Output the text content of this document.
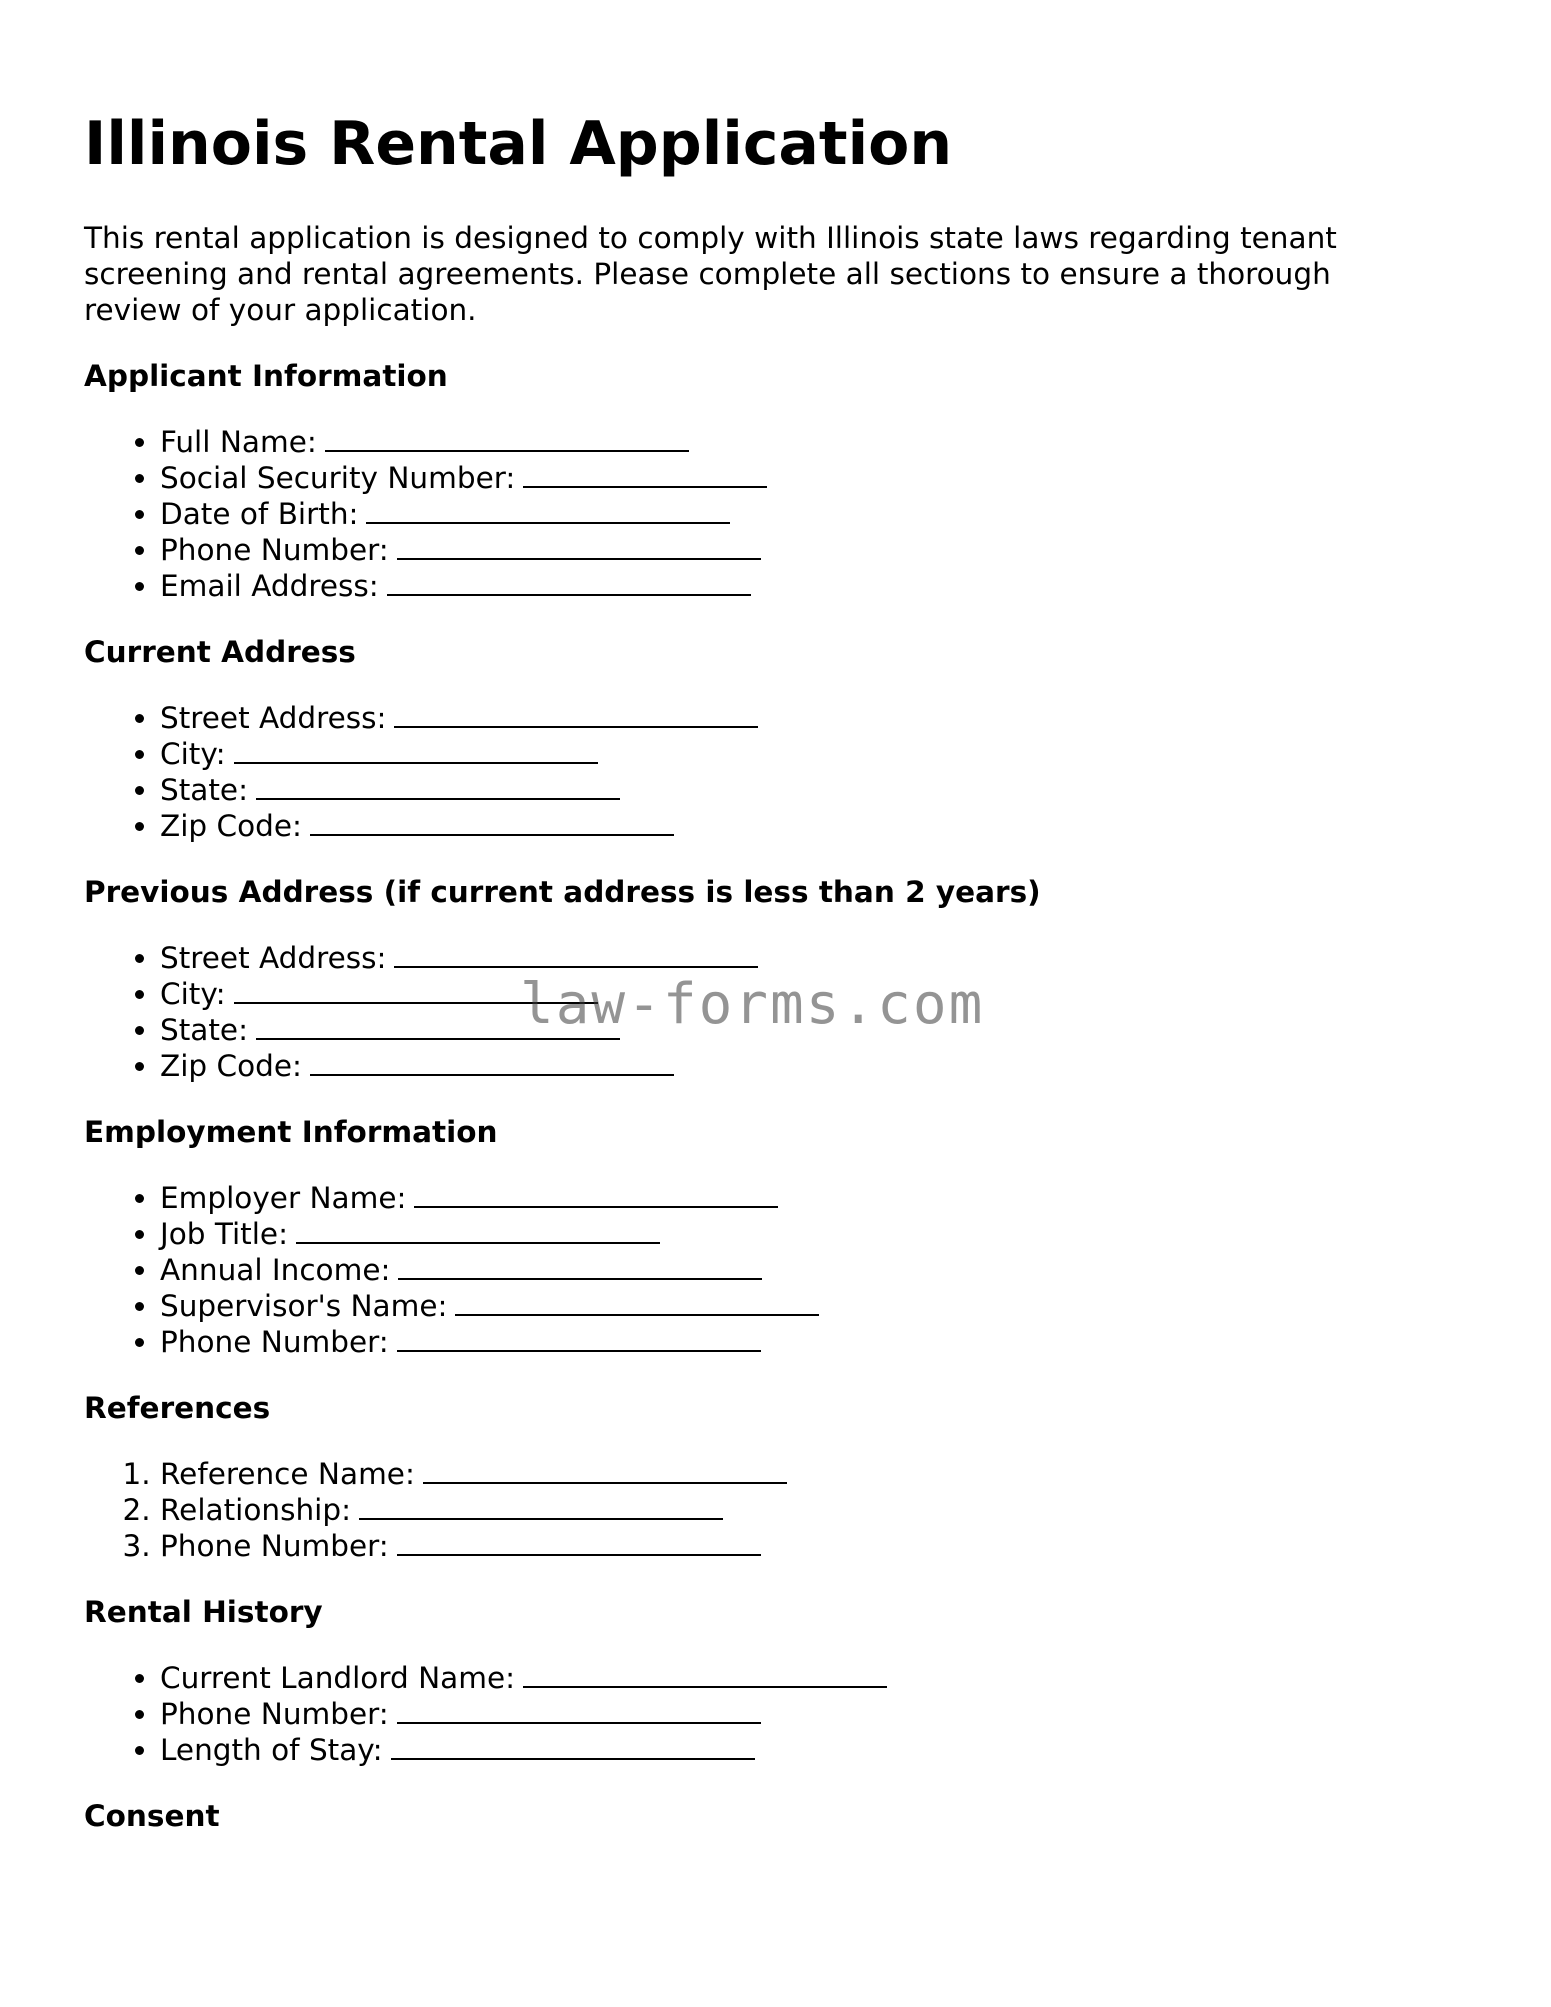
Illinois Rental Application

This rental application is designed to comply with Illinois state laws regarding tenant screening and rental agreements. Please complete all sections to ensure a thorough review of your application.

Applicant Information
• Full Name:
• Social Security Number:
• Date of Birth:
• Phone Number:
• Email Address:
Current Address
• Street Address:
• City:
• State:
• Zip Code:
Previous Address (if current address is less than 2 years)
• Street Address:
• City:
• State:
• Zip Code:
Employment Information
• Employer Name:
• Job Title:
• Annual Income:
• Supervisor's Name:
• Phone Number:
References
1. Reference Name:
2. Relationship:
3. Phone Number:
Rental History
• Current Landlord Name:
• Phone Number:
• Length of Stay:
Consent
law-forms.com
